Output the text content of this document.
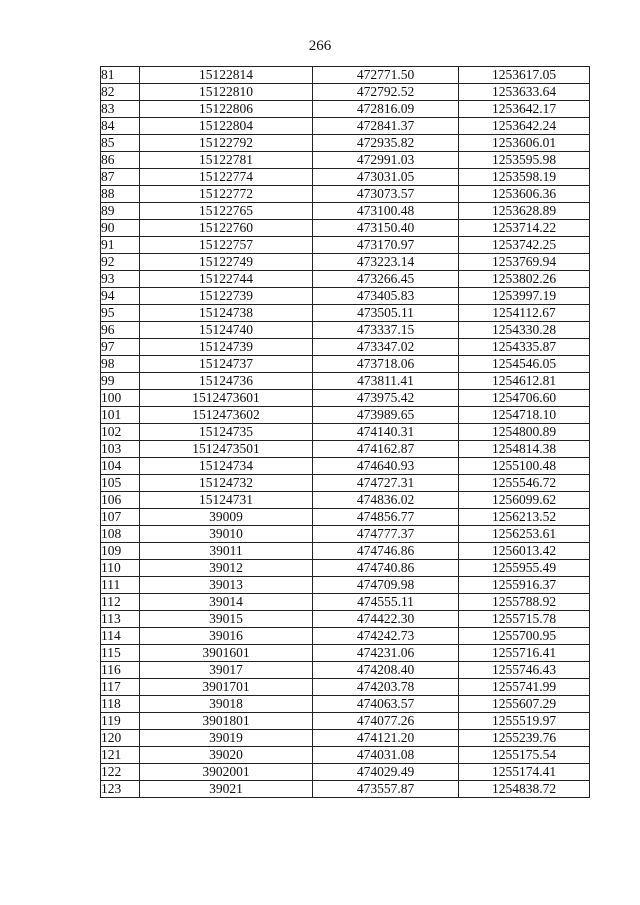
266
81	15122814	472771.50	1253617.05
82	15122810	472792.52	1253633.64
83	15122806	472816.09	1253642.17
84	15122804	472841.37	1253642.24
85	15122792	472935.82	1253606.01
86	15122781	472991.03	1253595.98
87	15122774	473031.05	1253598.19
88	15122772	473073.57	1253606.36
89	15122765	473100.48	1253628.89
90	15122760	473150.40	1253714.22
91	15122757	473170.97	1253742.25
92	15122749	473223.14	1253769.94
93	15122744	473266.45	1253802.26
94	15122739	473405.83	1253997.19
95	15124738	473505.11	1254112.67
96	15124740	473337.15	1254330.28
97	15124739	473347.02	1254335.87
98	15124737	473718.06	1254546.05
99	15124736	473811.41	1254612.81
100	1512473601	473975.42	1254706.60
101	1512473602	473989.65	1254718.10
102	15124735	474140.31	1254800.89
103	1512473501	474162.87	1254814.38
104	15124734	474640.93	1255100.48
105	15124732	474727.31	1255546.72
106	15124731	474836.02	1256099.62
107	39009	474856.77	1256213.52
108	39010	474777.37	1256253.61
109	39011	474746.86	1256013.42
110	39012	474740.86	1255955.49
111	39013	474709.98	1255916.37
112	39014	474555.11	1255788.92
113	39015	474422.30	1255715.78
114	39016	474242.73	1255700.95
115	3901601	474231.06	1255716.41
116	39017	474208.40	1255746.43
117	3901701	474203.78	1255741.99
118	39018	474063.57	1255607.29
119	3901801	474077.26	1255519.97
120	39019	474121.20	1255239.76
121	39020	474031.08	1255175.54
122	3902001	474029.49	1255174.41
123	39021	473557.87	1254838.72
